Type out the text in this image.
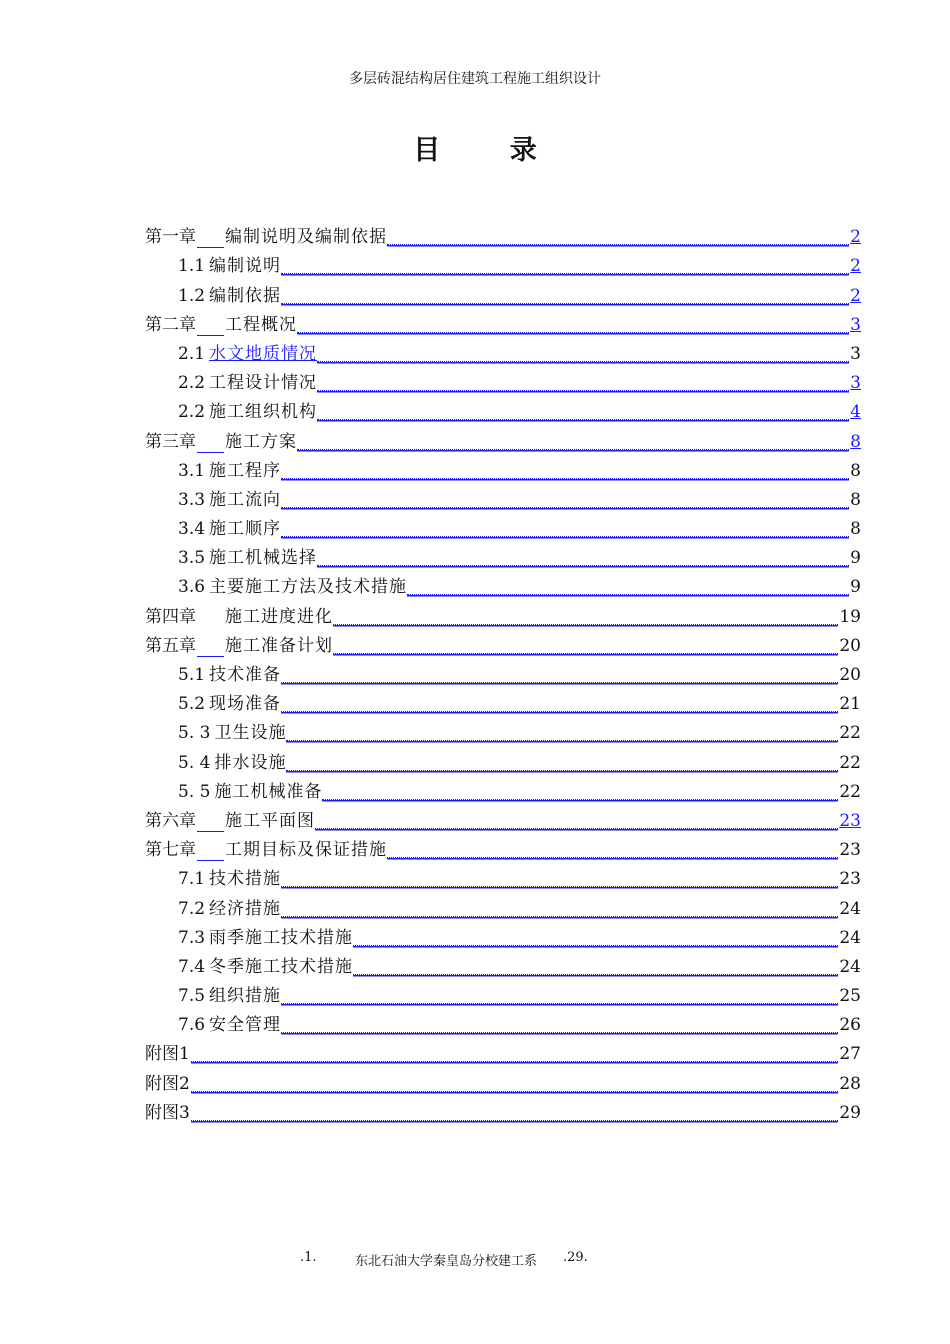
多层砖混结构居住建筑工程施工组织设计
目 录
第一章 编制说明及编制依据	2
1.1 编制说明	2
1.2 编制依据	2
第二章 工程概况	3
2.1 水文地质情况	3
2.2 工程设计情况	3
2.2 施工组织机构	4
第三章 施工方案	8
3.1 施工程序	8
3.3 施工流向	8
3.4 施工顺序	8
3.5 施工机械选择	9
3.6 主要施工方法及技术措施	9
第四章 施工进度进化	19
第五章 施工准备计划	20
5.1 技术准备	20
5.2 现场准备	21
5. 3 卫生设施	22
5. 4 排水设施	22
5. 5 施工机械准备	22
第六章 施工平面图	23
第七章 工期目标及保证措施	23
7.1 技术措施	23
7.2 经济措施	24
7.3 雨季施工技术措施	24
7.4 冬季施工技术措施	24
7.5 组织措施	25
7.6 安全管理	26
附图 1	27
附图 2	28
附图 3	29
.1.	东北石油大学秦皇岛分校建工系 .29.
